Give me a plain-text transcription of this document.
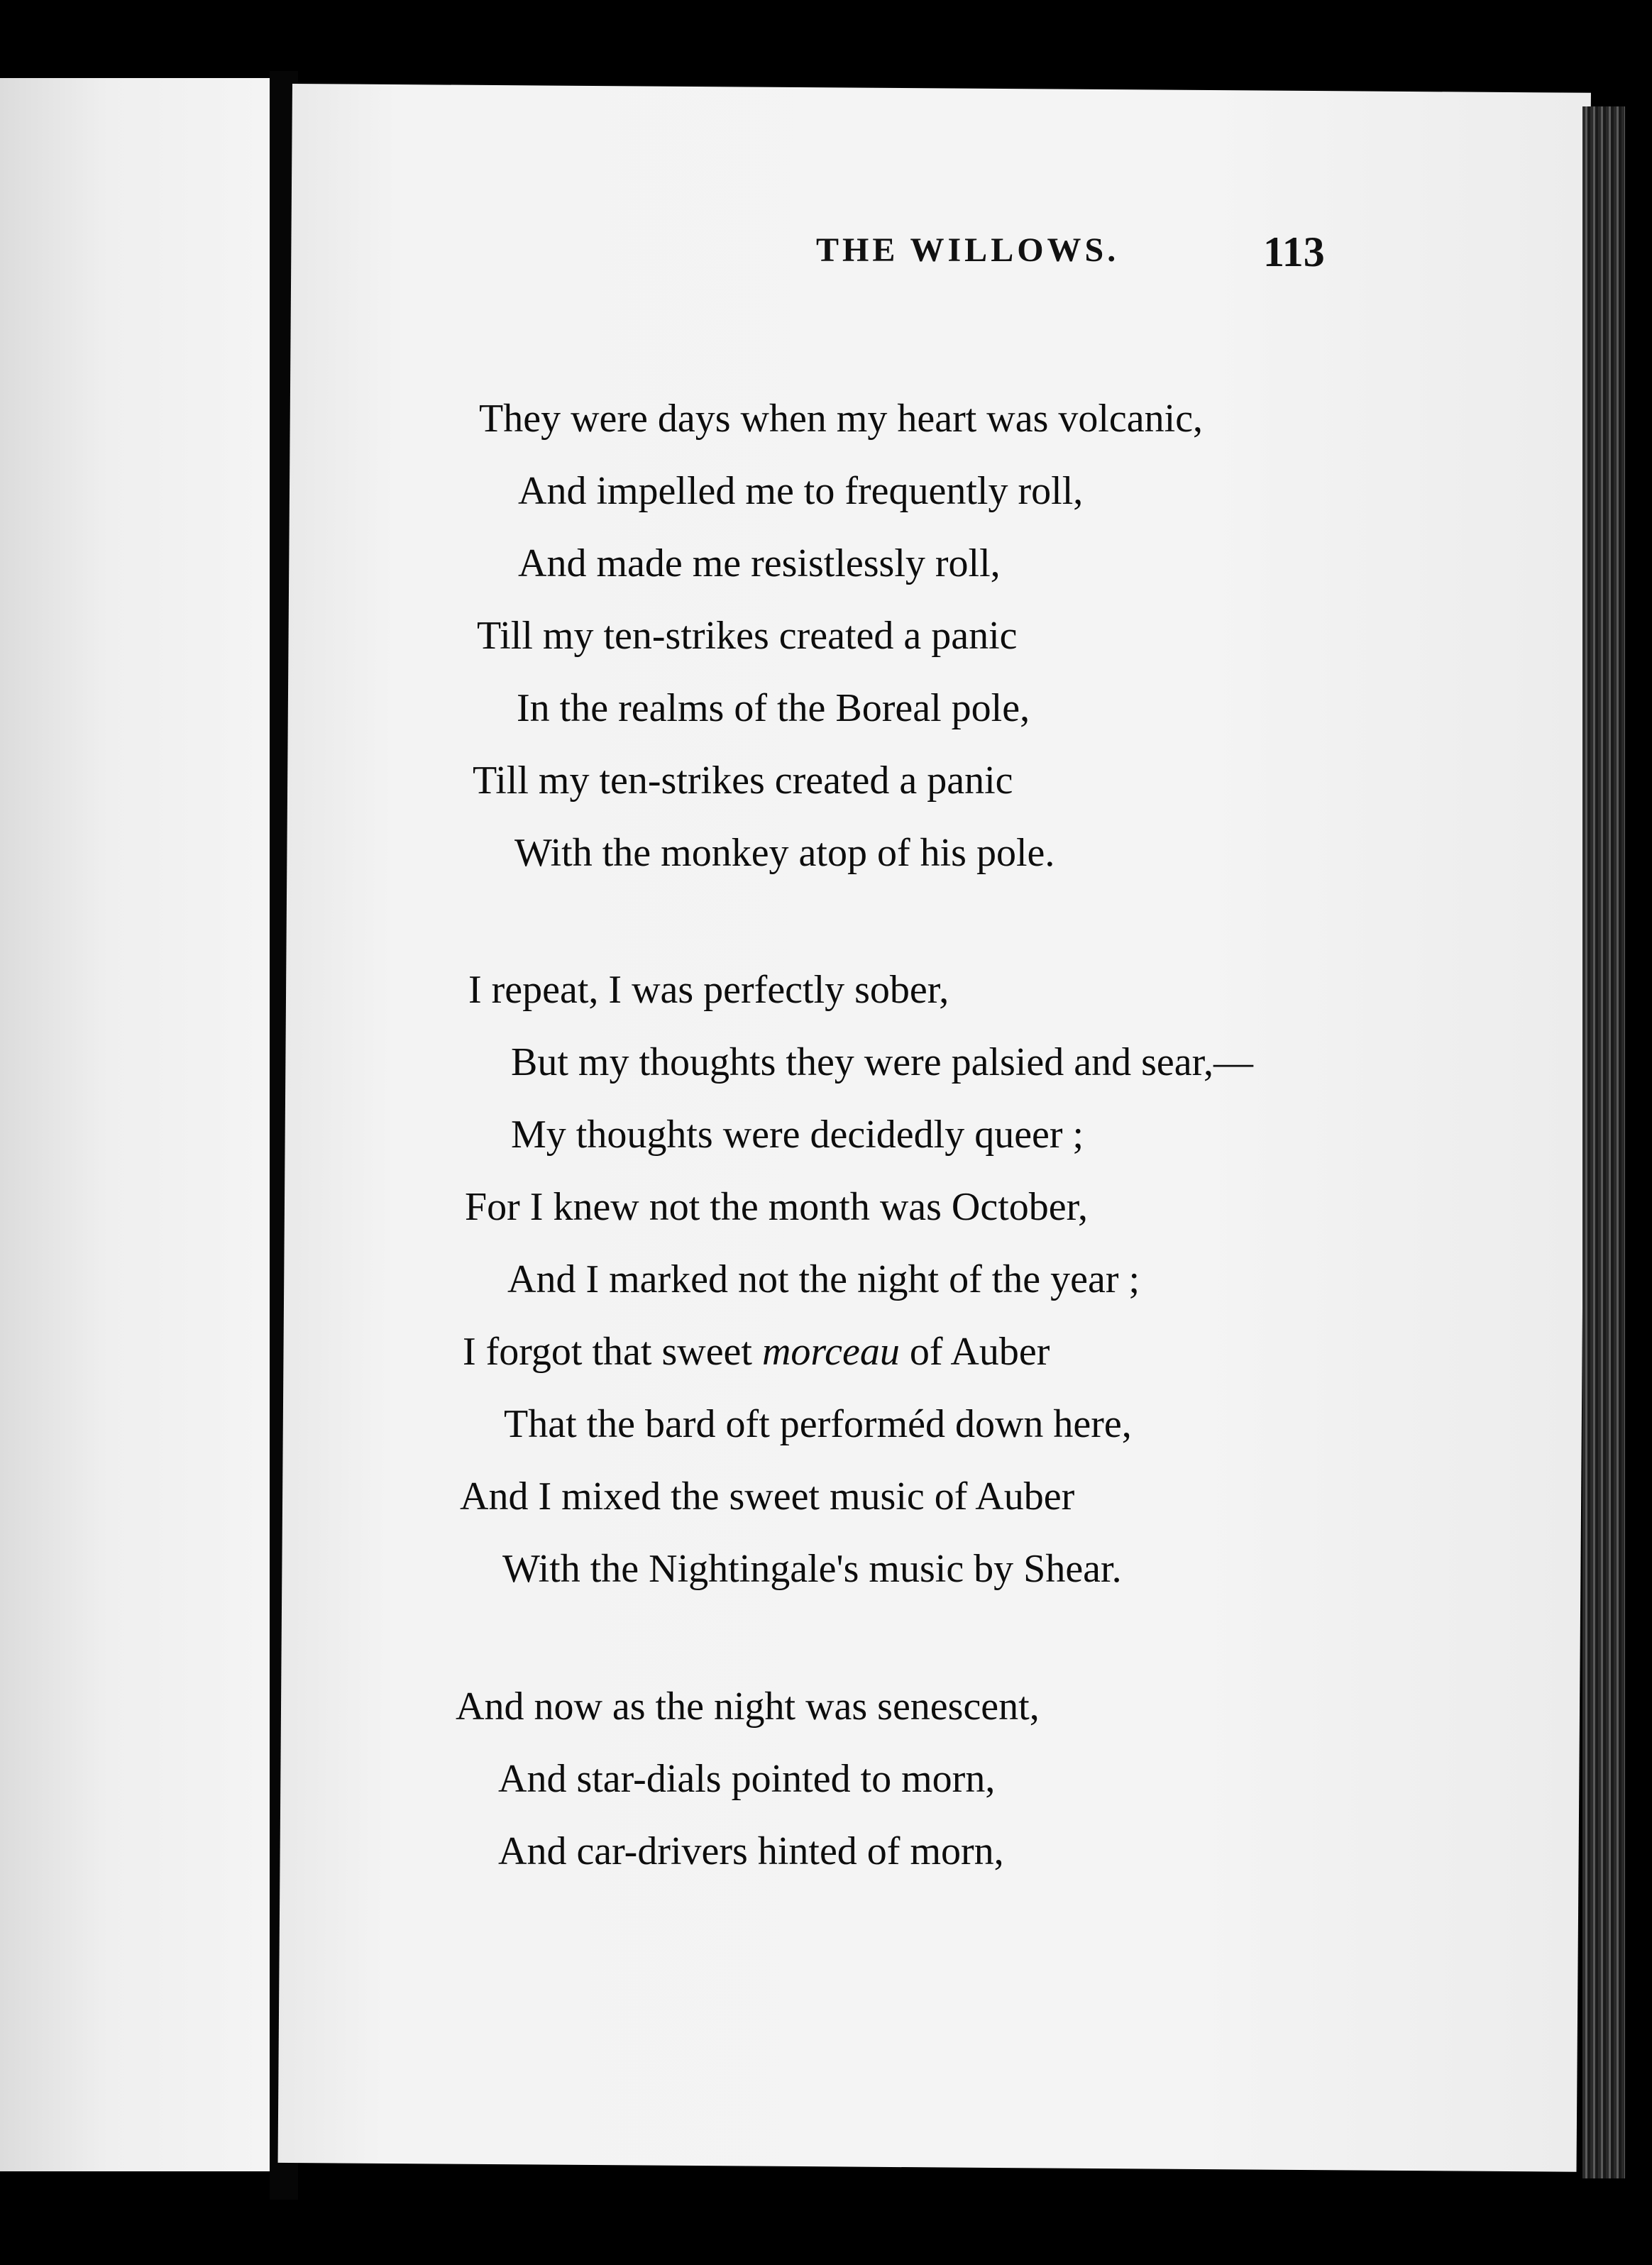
THE WILLOWS.	113
They were days when my heart was volcanic,
And impelled me to frequently roll,
And made me resistlessly roll,
Till my ten-strikes created a panic
In the realms of the Boreal pole,
Till my ten-strikes created a panic
With the monkey atop of his pole.
I repeat, I was perfectly sober,
But my thoughts they were palsied and sear,—
My thoughts were decidedly queer ;
For I knew not the month was October,
And I marked not the night of the year ;
I forgot that sweet morceau of Auber
That the bard oft performéd down here,
And I mixed the sweet music of Auber
With the Nightingale's music by Shear.
And now as the night was senescent,
And star-dials pointed to morn,
And car-drivers hinted of morn,
